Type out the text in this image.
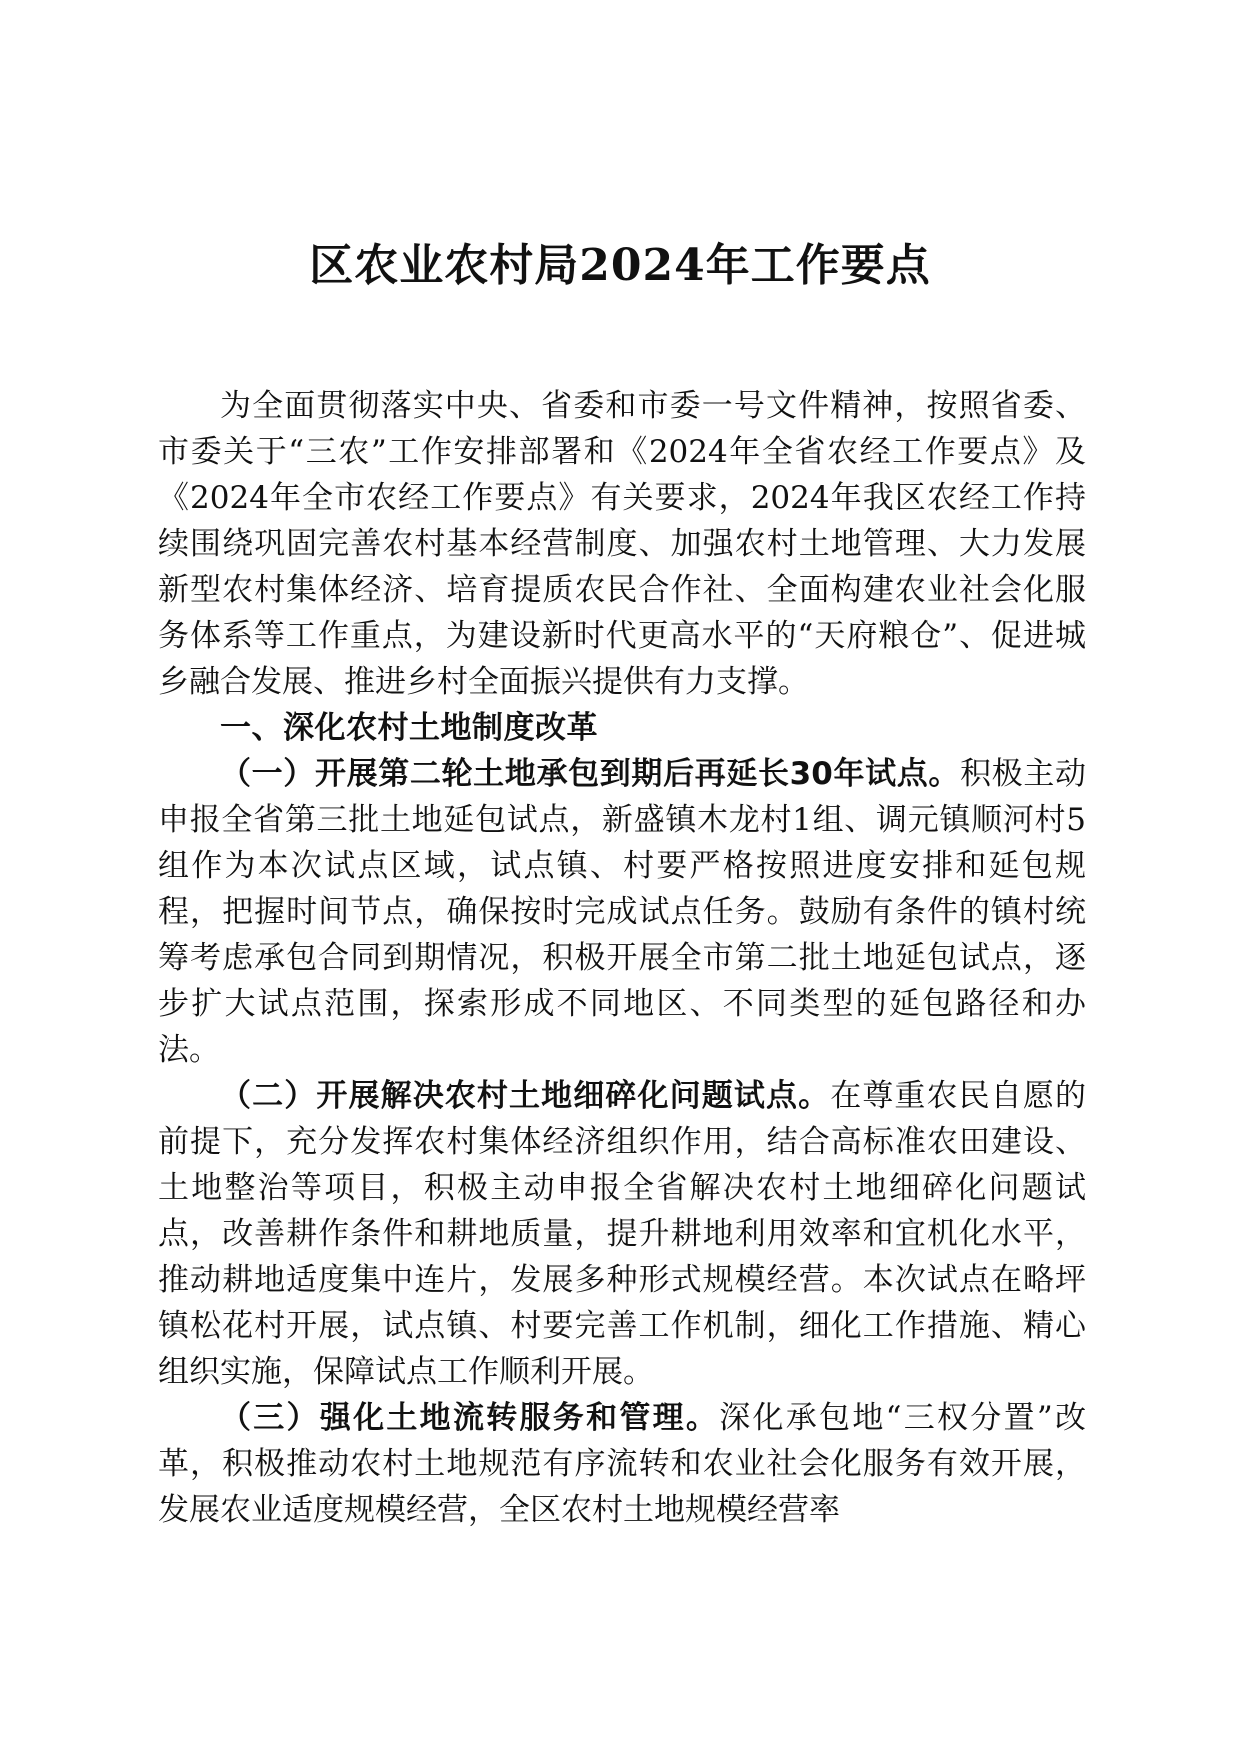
区农业农村局2024年工作要点

为全面贯彻落实中央、省委和市委一号文件精神，按照省委、市委关于“三农”工作安排部署和《2024年全省农经工作要点》及《2024年全市农经工作要点》有关要求，2024年我区农经工作持续围绕巩固完善农村基本经营制度、加强农村土地管理、大力发展新型农村集体经济、培育提质农民合作社、全面构建农业社会化服务体系等工作重点，为建设新时代更高水平的“天府粮仓”、促进城乡融合发展、推进乡村全面振兴提供有力支撑。

一、深化农村土地制度改革

（一）开展第二轮土地承包到期后再延长30年试点。积极主动申报全省第三批土地延包试点，新盛镇木龙村1组、调元镇顺河村5组作为本次试点区域，试点镇、村要严格按照进度安排和延包规程，把握时间节点，确保按时完成试点任务。鼓励有条件的镇村统筹考虑承包合同到期情况，积极开展全市第二批土地延包试点，逐步扩大试点范围，探索形成不同地区、不同类型的延包路径和办法。

（二）开展解决农村土地细碎化问题试点。在尊重农民自愿的前提下，充分发挥农村集体经济组织作用，结合高标准农田建设、土地整治等项目，积极主动申报全省解决农村土地细碎化问题试点，改善耕作条件和耕地质量，提升耕地利用效率和宜机化水平，推动耕地适度集中连片，发展多种形式规模经营。本次试点在略坪镇松花村开展，试点镇、村要完善工作机制，细化工作措施、精心组织实施，保障试点工作顺利开展。

（三）强化土地流转服务和管理。深化承包地“三权分置”改革，积极推动农村土地规范有序流转和农业社会化服务有效开展，发展农业适度规模经营，全区农村土地规模经营率
